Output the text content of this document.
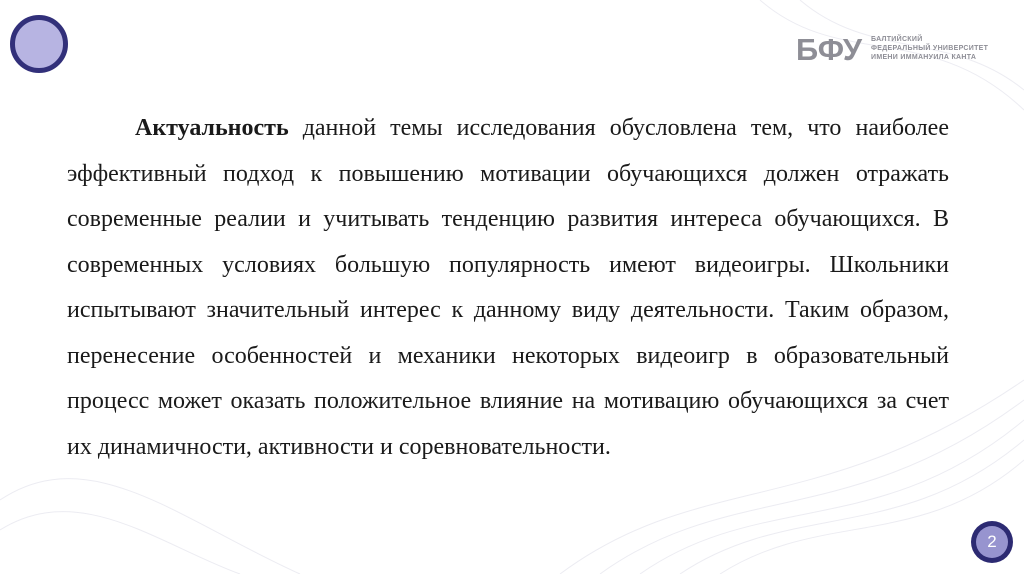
БФУ БАЛТИЙСКИЙ
ФЕДЕРАЛЬНЫЙ УНИВЕРСИТЕТ
ИМЕНИ ИММАНУИЛА КАНТА

Актуальность данной темы исследования обусловлена тем, что наиболее эффективный подход к повышению мотивации обучающихся должен отражать современные реалии и учитывать тенденцию развития интереса обучающихся. В современных условиях большую популярность имеют видеоигры. Школьники испытывают значительный интерес к данному виду деятельности. Таким образом, перенесение особенностей и механики некоторых видеоигр в образовательный процесс может оказать положительное влияние на мотивацию обучающихся за счет их динамичности, активности и соревновательности.

2
